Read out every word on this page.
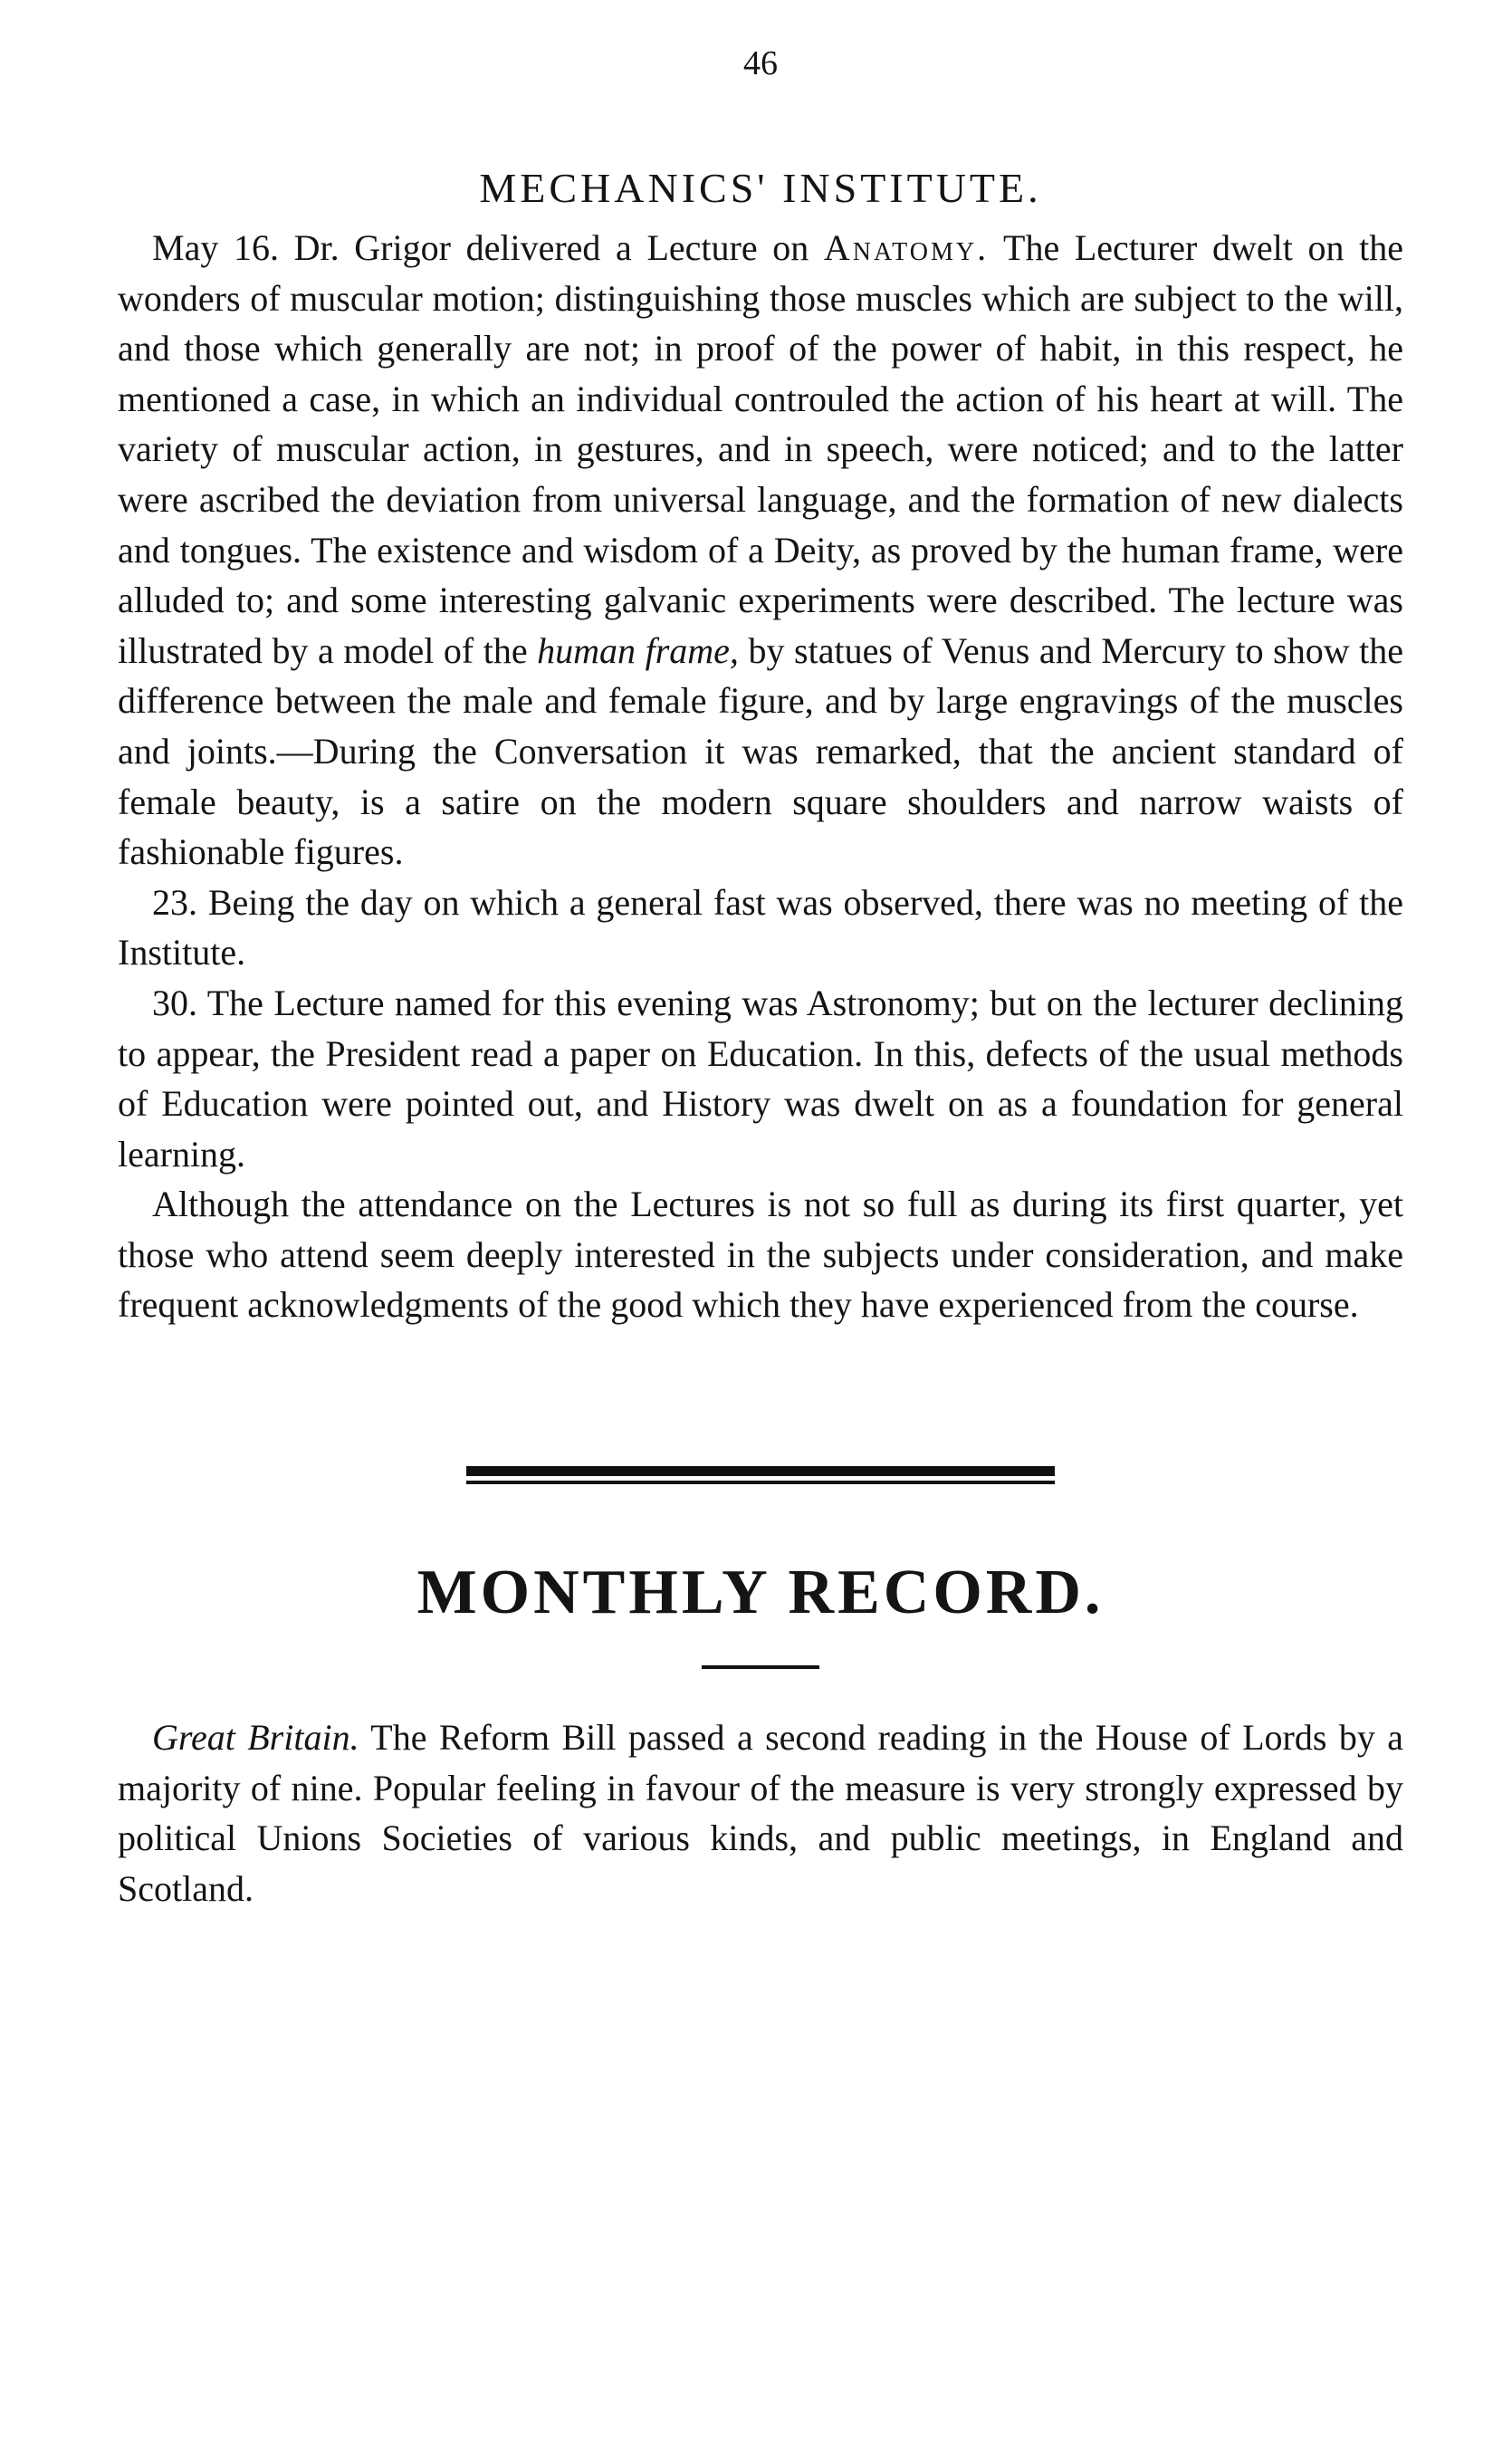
46
MECHANICS' INSTITUTE.

May 16. Dr. Grigor delivered a Lecture on Anatomy. The Lecturer dwelt on the wonders of muscular motion; distinguishing those muscles which are subject to the will, and those which generally are not; in proof of the power of habit, in this respect, he mentioned a case, in which an individual controuled the action of his heart at will. The variety of muscular action, in gestures, and in speech, were noticed; and to the latter were ascribed the deviation from universal language, and the formation of new dialects and tongues. The existence and wisdom of a Deity, as proved by the human frame, were alluded to; and some interesting galvanic experiments were described. The lecture was illustrated by a model of the human frame, by statues of Venus and Mercury to show the difference between the male and female figure, and by large engravings of the muscles and joints.—During the Conversation it was remarked, that the ancient standard of female beauty, is a satire on the modern square shoulders and narrow waists of fashionable figures.

23. Being the day on which a general fast was observed, there was no meeting of the Institute.

30. The Lecture named for this evening was Astronomy; but on the lecturer declining to appear, the President read a paper on Education. In this, defects of the usual methods of Education were pointed out, and History was dwelt on as a foundation for general learning.

Although the attendance on the Lectures is not so full as during its first quarter, yet those who attend seem deeply interested in the subjects under consideration, and make frequent acknowledgments of the good which they have experienced from the course.

MONTHLY RECORD.

Great Britain. The Reform Bill passed a second reading in the House of Lords by a majority of nine. Popular feeling in favour of the measure is very strongly expressed by political Unions Societies of various kinds, and public meetings, in England and Scotland.
